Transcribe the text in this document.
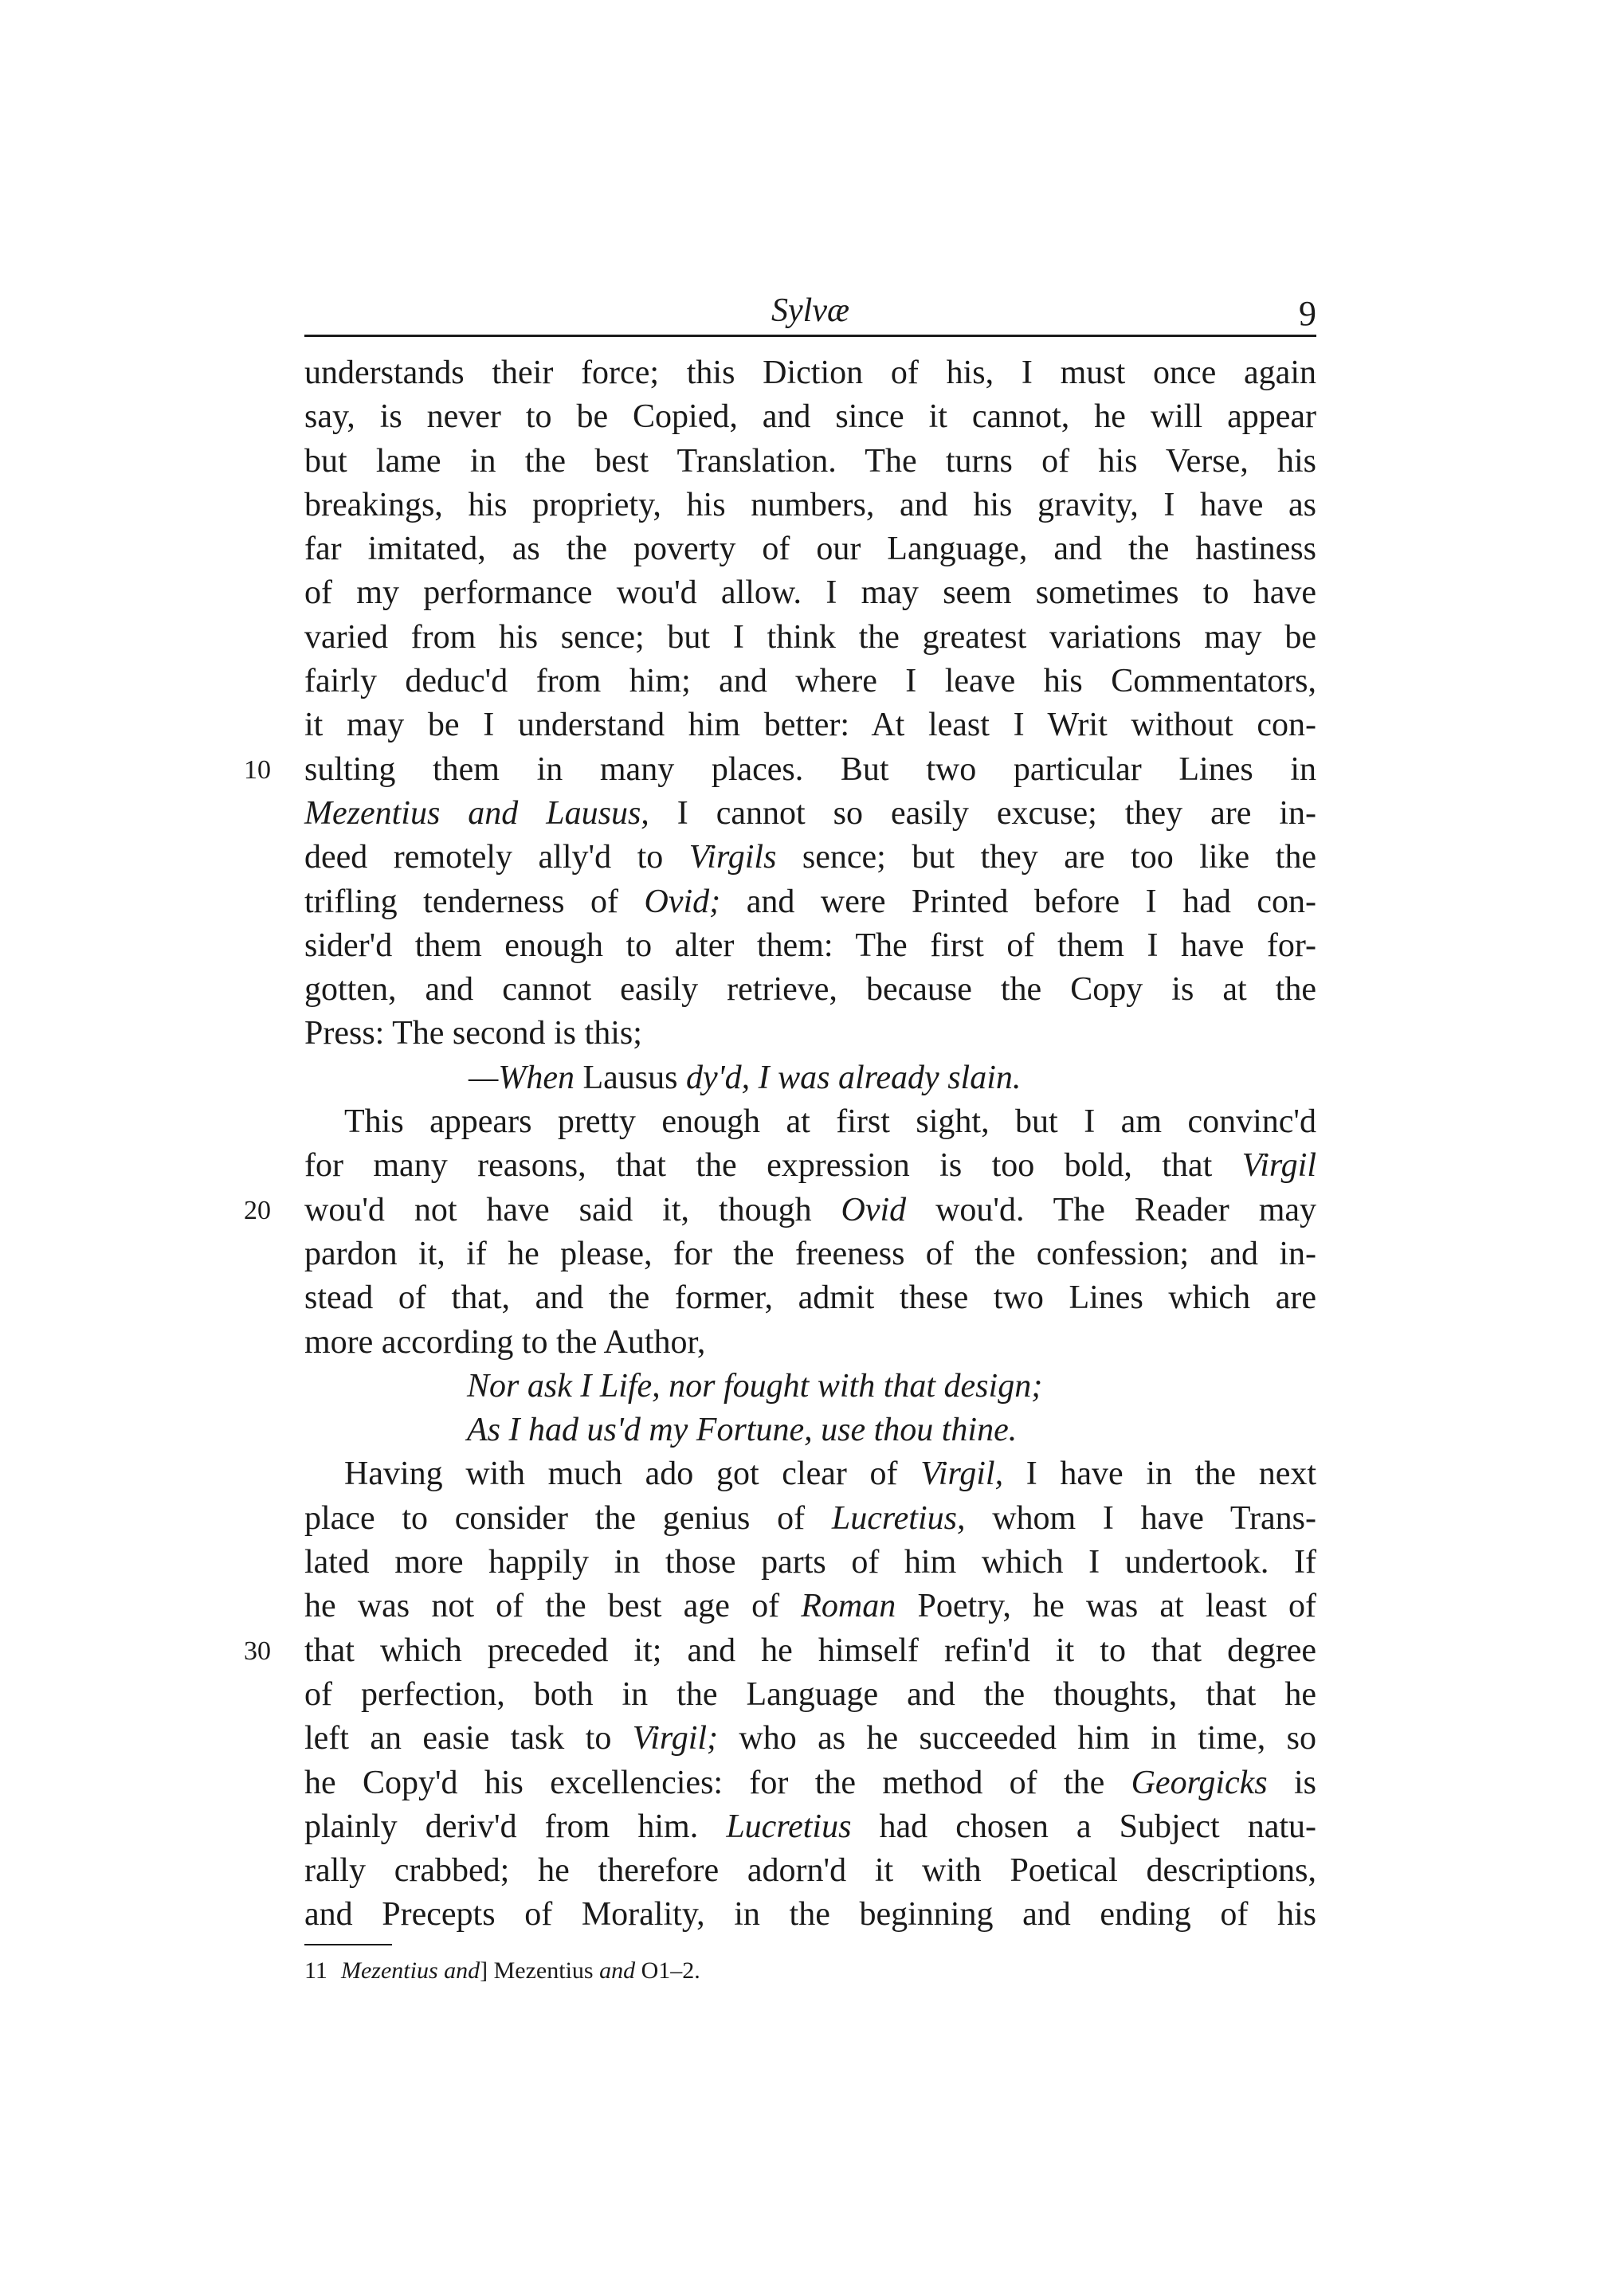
Sylvæ	9
understands their force; this Diction of his, I must once again
say, is never to be Copied, and since it cannot, he will appear
but lame in the best Translation. The turns of his Verse, his
breakings, his propriety, his numbers, and his gravity, I have as
far imitated, as the poverty of our Language, and the hastiness
of my performance wou'd allow. I may seem sometimes to have
varied from his sence; but I think the greatest variations may be
fairly deduc'd from him; and where I leave his Commentators,
it may be I understand him better: At least I Writ without con-
10	sulting them in many places. But two particular Lines in
Mezentius and Lausus, I cannot so easily excuse; they are in-
deed remotely ally'd to Virgils sence; but they are too like the
trifling tenderness of Ovid; and were Printed before I had con-
sider'd them enough to alter them: The first of them I have for-
gotten, and cannot easily retrieve, because the Copy is at the
Press: The second is this;
—When Lausus dy'd, I was already slain.
This appears pretty enough at first sight, but I am convinc'd
for many reasons, that the expression is too bold, that Virgil
20	wou'd not have said it, though Ovid wou'd. The Reader may
pardon it, if he please, for the freeness of the confession; and in-
stead of that, and the former, admit these two Lines which are
more according to the Author,
Nor ask I Life, nor fought with that design;
As I had us'd my Fortune, use thou thine.
Having with much ado got clear of Virgil, I have in the next
place to consider the genius of Lucretius, whom I have Trans-
lated more happily in those parts of him which I undertook. If
he was not of the best age of Roman Poetry, he was at least of
30	that which preceded it; and he himself refin'd it to that degree
of perfection, both in the Language and the thoughts, that he
left an easie task to Virgil; who as he succeeded him in time, so
he Copy'd his excellencies: for the method of the Georgicks is
plainly deriv'd from him. Lucretius had chosen a Subject natu-
rally crabbed; he therefore adorn'd it with Poetical descriptions,
and Precepts of Morality, in the beginning and ending of his
11 Mezentius and] Mezentius and O1–2.
